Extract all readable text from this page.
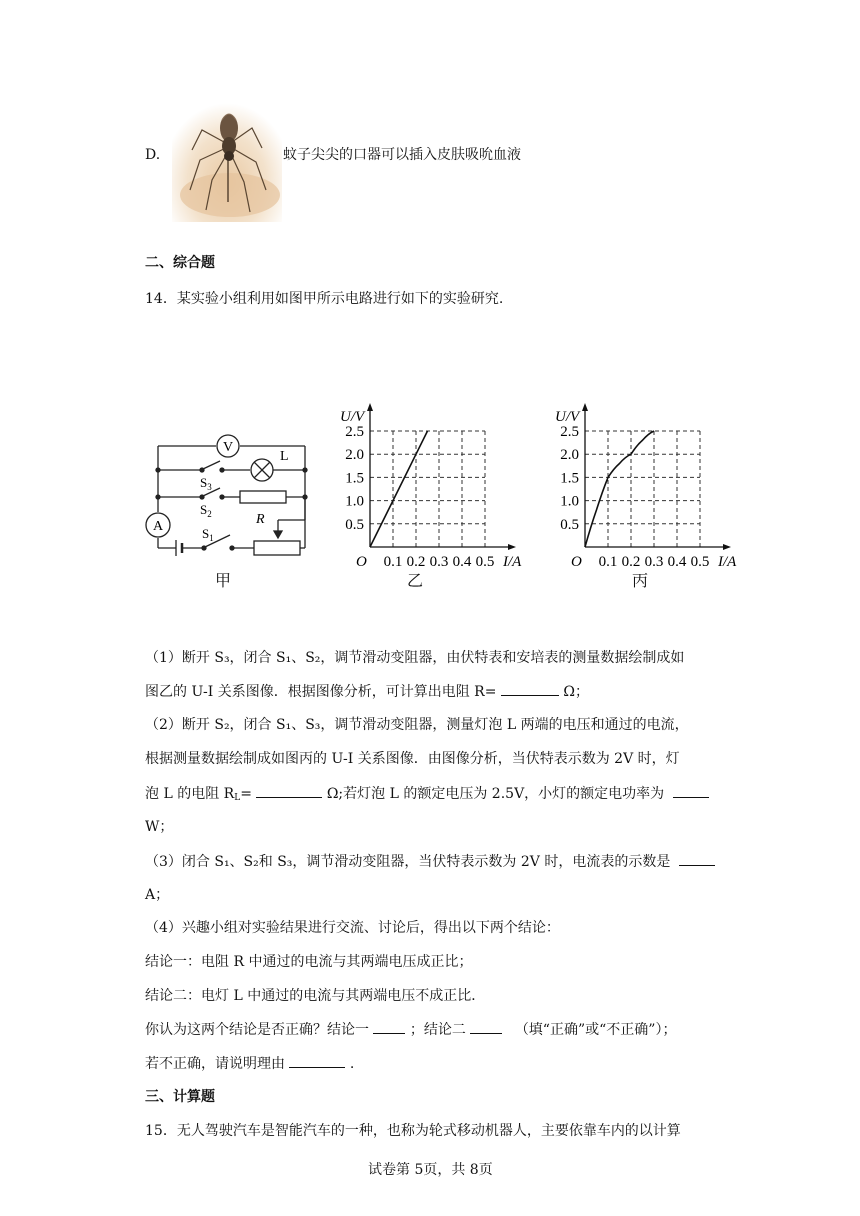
D.	蚊子尖尖的口器可以插入皮肤吸吮血液
二、综合题
14．某实验小组利用如图甲所示电路进行如下的实验研究.
V
A
L
R
$S_3$
$S_2$
$S_1$
甲
0.5
1.0
1.5
2.0
2.5
0.1 0.2 0.3 0.4 0.5
O
U/V
I/A
乙
0.5
1.0
1.5
2.0
2.5
0.1 0.2 0.3 0.4 0.5
O
U/V
I/A
丙
（1）断开 S₃，闭合 S₁、S₂，调节滑动变阻器，由伏特表和安培表的测量数据绘制成如
图乙的 U-I 关系图像．根据图像分析，可计算出电阻 R=	Ω；
（2）断开 S₂，闭合 S₁、S₃，调节滑动变阻器，测量灯泡 L 两端的电压和通过的电流，
根据测量数据绘制成如图丙的 U-I 关系图像．由图像分析，当伏特表示数为 2V 时，灯
泡 L 的电阻 $R_L=$	Ω;若灯泡 L 的额定电压为 2.5V，小灯的额定电功率为
W；
（3）闭合 S₁、S₂和 S₃，调节滑动变阻器，当伏特表示数为 2V 时，电流表的示数是
A；
（4）兴趣小组对实验结果进行交流、讨论后，得出以下两个结论：
结论一：电阻 R 中通过的电流与其两端电压成正比；
结论二：电灯 L 中通过的电流与其两端电压不成正比．
你认为这两个结论是否正确？结论一	；结论二	（填“正确”或“不正确”）；
若不正确，请说明理由	.
三、计算题
15．无人驾驶汽车是智能汽车的一种，也称为轮式移动机器人，主要依靠车内的以计算
试卷第 5页，共 8页
